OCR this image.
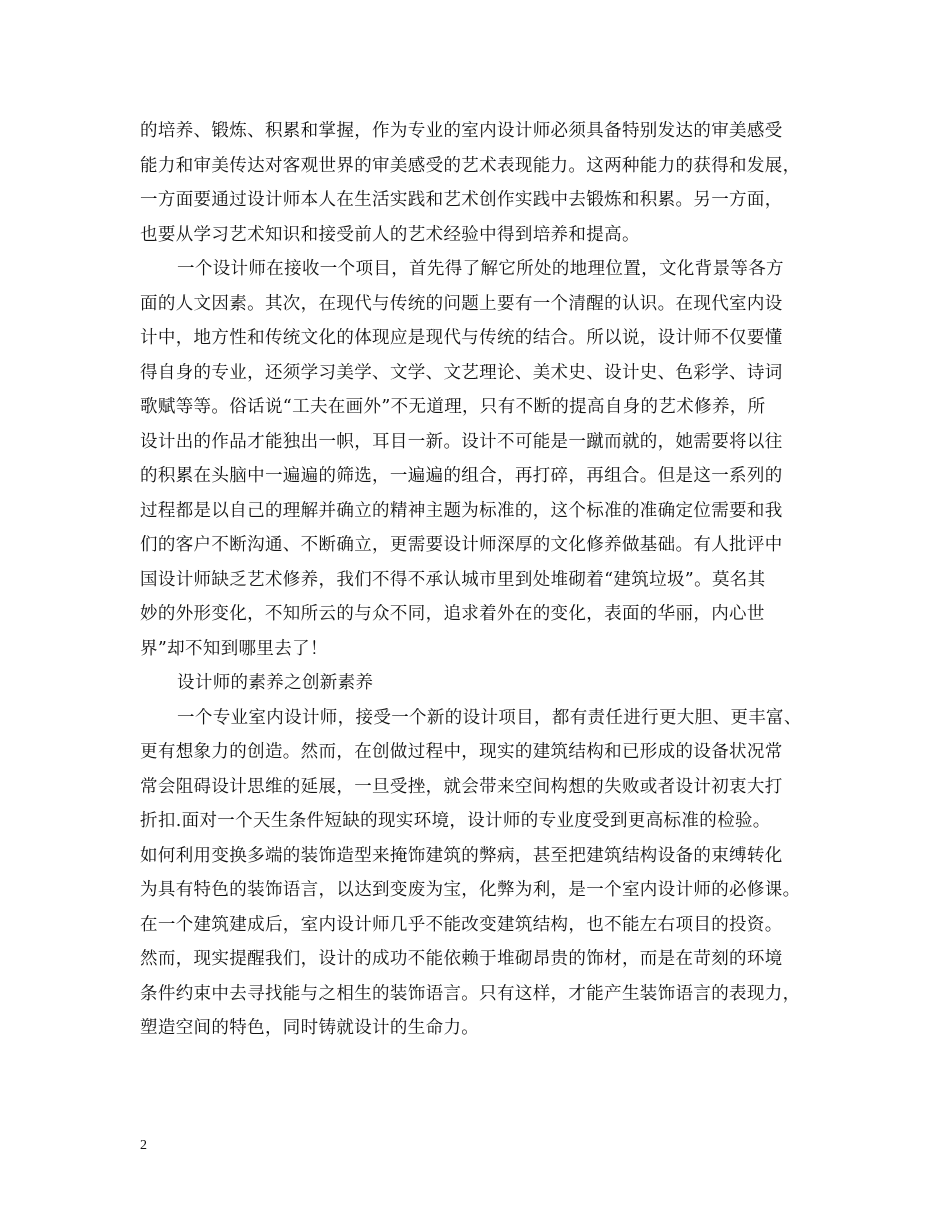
的培养、锻炼、积累和掌握，作为专业的室内设计师必须具备特别发达的审美感受
能力和审美传达对客观世界的审美感受的艺术表现能力。这两种能力的获得和发展，
一方面要通过设计师本人在生活实践和艺术创作实践中去锻炼和积累。另一方面，
也要从学习艺术知识和接受前人的艺术经验中得到培养和提高。
一个设计师在接收一个项目，首先得了解它所处的地理位置，文化背景等各方
面的人文因素。其次，在现代与传统的问题上要有一个清醒的认识。在现代室内设
计中，地方性和传统文化的体现应是现代与传统的结合。所以说，设计师不仅要懂
得自身的专业，还须学习美学、文学、文艺理论、美术史、设计史、色彩学、诗词
歌赋等等。俗话说“工夫在画外”不无道理，只有不断的提高自身的艺术修养，所
设计出的作品才能独出一帜，耳目一新。设计不可能是一蹴而就的，她需要将以往
的积累在头脑中一遍遍的筛选，一遍遍的组合，再打碎，再组合。但是这一系列的
过程都是以自己的理解并确立的精神主题为标准的，这个标准的准确定位需要和我
们的客户不断沟通、不断确立，更需要设计师深厚的文化修养做基础。有人批评中
国设计师缺乏艺术修养，我们不得不承认城市里到处堆砌着“建筑垃圾”。莫名其
妙的外形变化，不知所云的与众不同，追求着外在的变化，表面的华丽，内心世
界”却不知到哪里去了！
设计师的素养之创新素养
一个专业室内设计师，接受一个新的设计项目，都有责任进行更大胆、更丰富、
更有想象力的创造。然而，在创做过程中，现实的建筑结构和已形成的设备状况常
常会阻碍设计思维的延展，一旦受挫，就会带来空间构想的失败或者设计初衷大打
折扣.面对一个天生条件短缺的现实环境，设计师的专业度受到更高标准的检验。
如何利用变换多端的装饰造型来掩饰建筑的弊病，甚至把建筑结构设备的束缚转化
为具有特色的装饰语言，以达到变废为宝，化弊为利，是一个室内设计师的必修课。
在一个建筑建成后，室内设计师几乎不能改变建筑结构，也不能左右项目的投资。
然而，现实提醒我们，设计的成功不能依赖于堆砌昂贵的饰材，而是在苛刻的环境
条件约束中去寻找能与之相生的装饰语言。只有这样，才能产生装饰语言的表现力，
塑造空间的特色，同时铸就设计的生命力。
2
